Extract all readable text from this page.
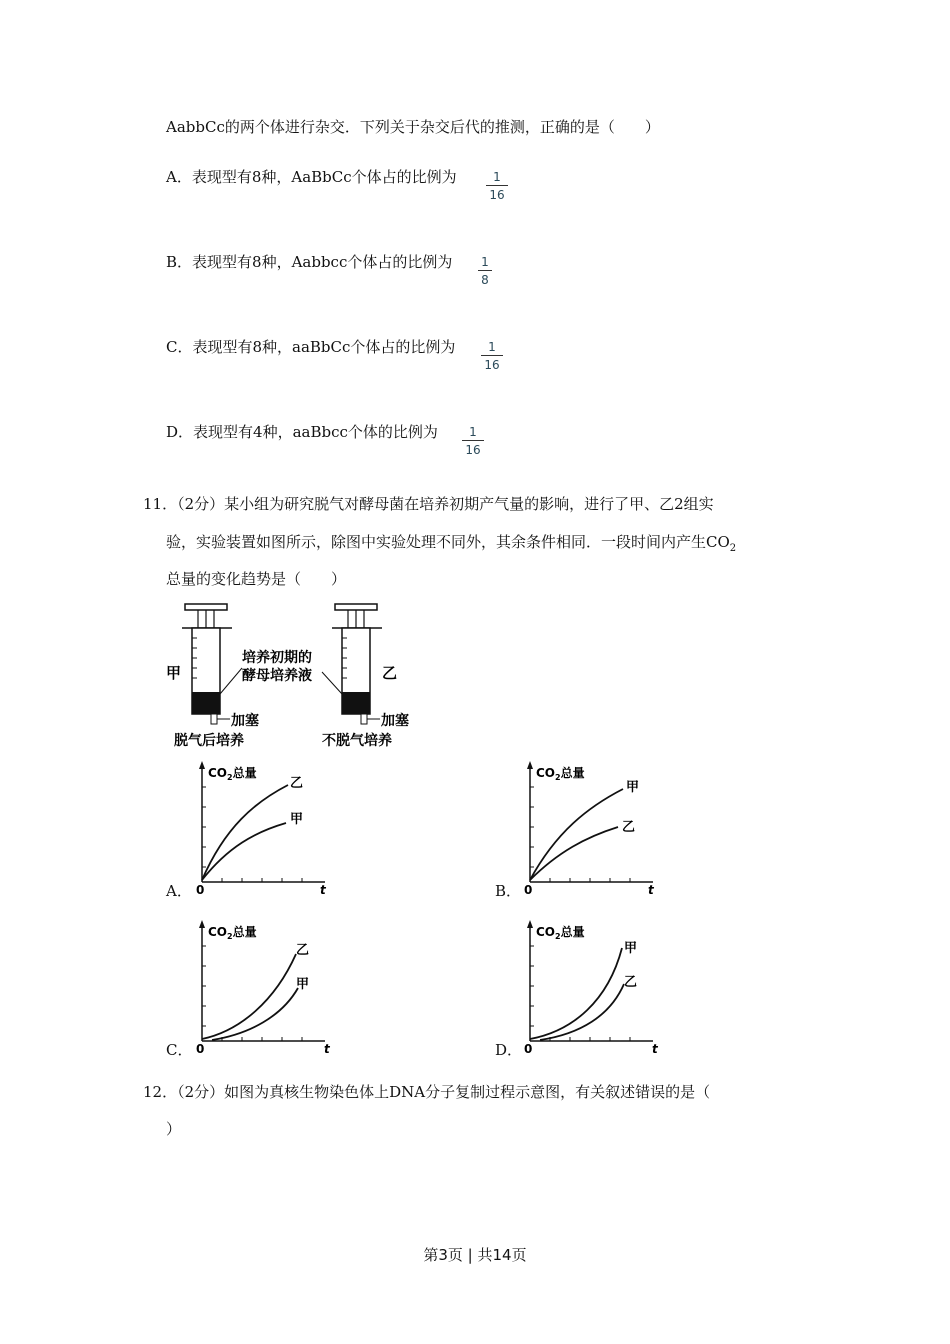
AabbCc的两个体进行杂交．下列关于杂交后代的推测，正确的是（　　）
A．表现型有8种，AaBbCc个体占的比例为	1
16
B．表现型有8种，Aabbcc个体占的比例为 1
8
C．表现型有8种，aaBbCc个体占的比例为	1
16
D．表现型有4种，aaBbcc个体的比例为	1
16
11．（2分）某小组为研究脱气对酵母菌在培养初期产气量的影响，进行了甲、乙2组实
验，实验装置如图所示，除图中实验处理不同外，其余条件相同．一段时间内产生$CO_2$
总量的变化趋势是（　　）
甲	乙
培养初期的
酵母培养液
加塞	加塞
脱气后培养	不脱气培养
A．
$CO_2$总量
乙
甲
0	t	B．
$CO_2$总量
甲
乙
0	t
C．
$CO_2$总量
乙
甲
0	t	D．
$CO_2$总量
甲
乙
0	t
12．（2分）如图为真核生物染色体上DNA分子复制过程示意图，有关叙述错误的是（
）
第3页 | 共14页
